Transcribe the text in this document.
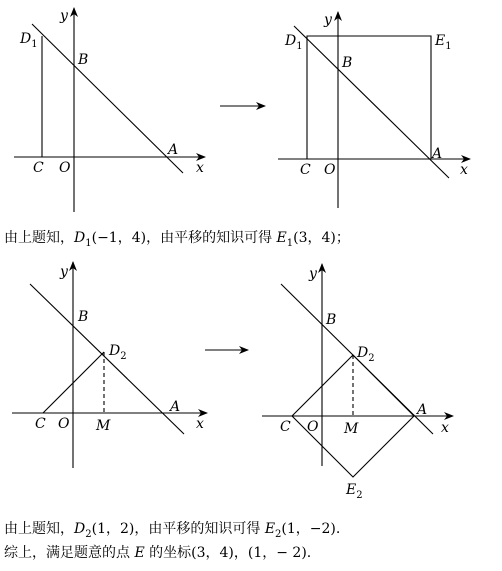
y
x
$D_1$
B
C O
A
y
x
$D_1$	$E_1$
B
C O
A
y
x
B
$D_2$
C O M
A
y
x
B
$D_2$
C O M
A
$E_2$
由上题知，$D_1(-1$，4)，由平移的知识可得 $E_1(3$，4)；
由上题知，$D_2(1$，2)，由平移的知识可得 $E_2(1$，−2).
综上，满足题意的点 E 的坐标(3，4)，(1，− 2).
